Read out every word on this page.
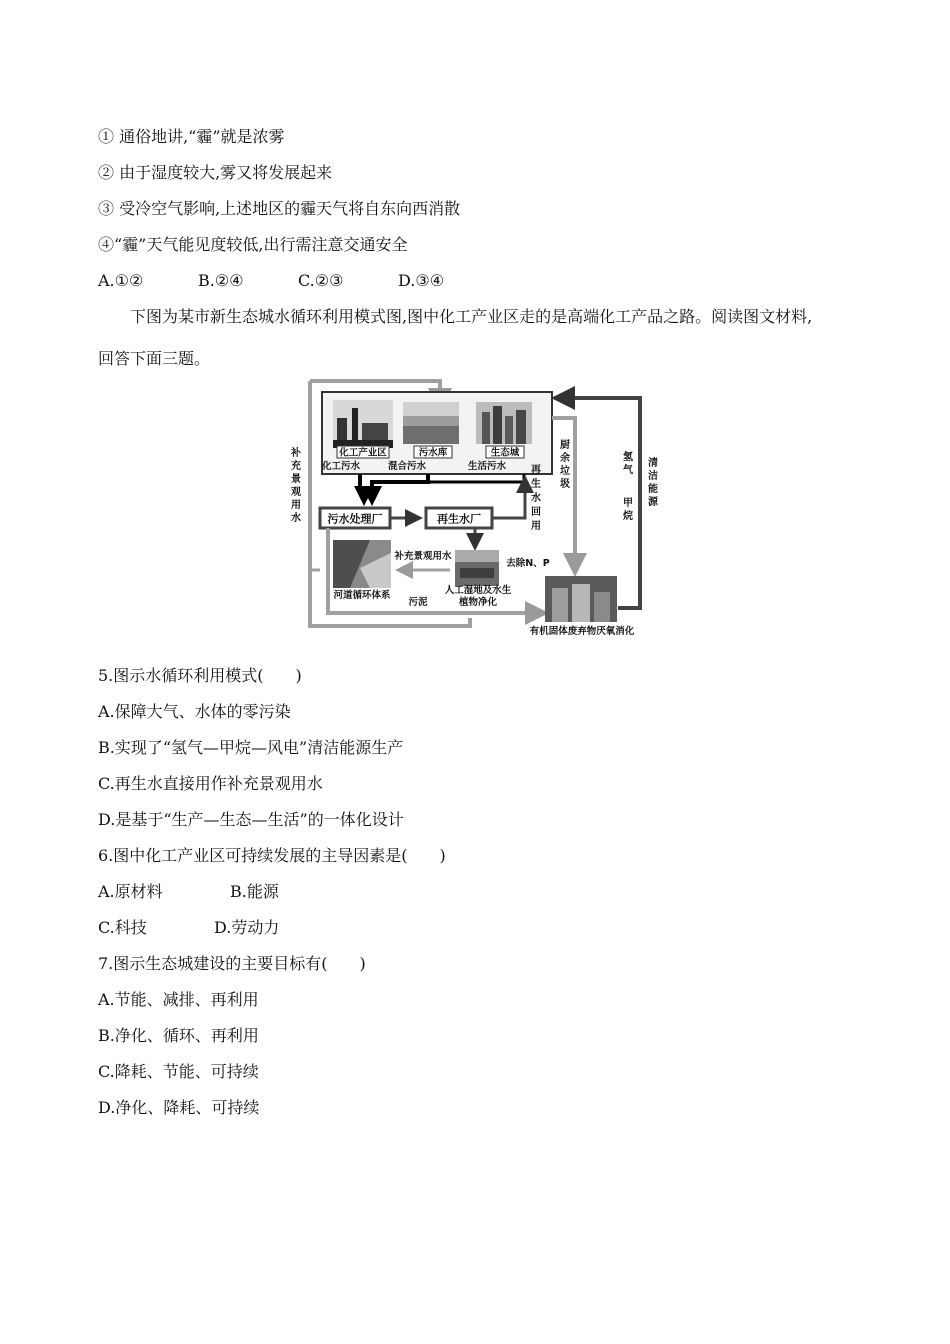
① 通俗地讲,“霾”就是浓雾

② 由于湿度较大,雾又将发展起来

③ 受冷空气影响,上述地区的霾天气将自东向西消散

④“霾”天气能见度较低,出行需注意交通安全

A.①②	B.②④	C.②③	D.③④

下图为某市新生态城水循环利用模式图,图中化工产业区走的是高端化工产品之路。阅读图文材料,

回答下面三题。

化工产业区	污水库	生态城
化工污水	混合污水	生活污水
污水处理厂	再生水厂
再
生
水
回
用
厨
余
垃
圾
清
洁
能
源
氢
气
甲
烷
补
充
景
观
用
水
污泥
河道循环体系
补充景观用水
人工湿地及水生
植物净化
去除N、P
有机固体废弃物厌氧消化

5.图示水循环利用模式(　　)

A.保障大气、水体的零污染

B.实现了“氢气—甲烷—风电”清洁能源生产

C.再生水直接用作补充景观用水

D.是基于“生产—生态—生活”的一体化设计

6.图中化工产业区可持续发展的主导因素是(　　)

A.原材料	B.能源
C.科技	D.劳动力

7.图示生态城建设的主要目标有(　　)

A.节能、减排、再利用

B.净化、循环、再利用

C.降耗、节能、可持续

D.净化、降耗、可持续
